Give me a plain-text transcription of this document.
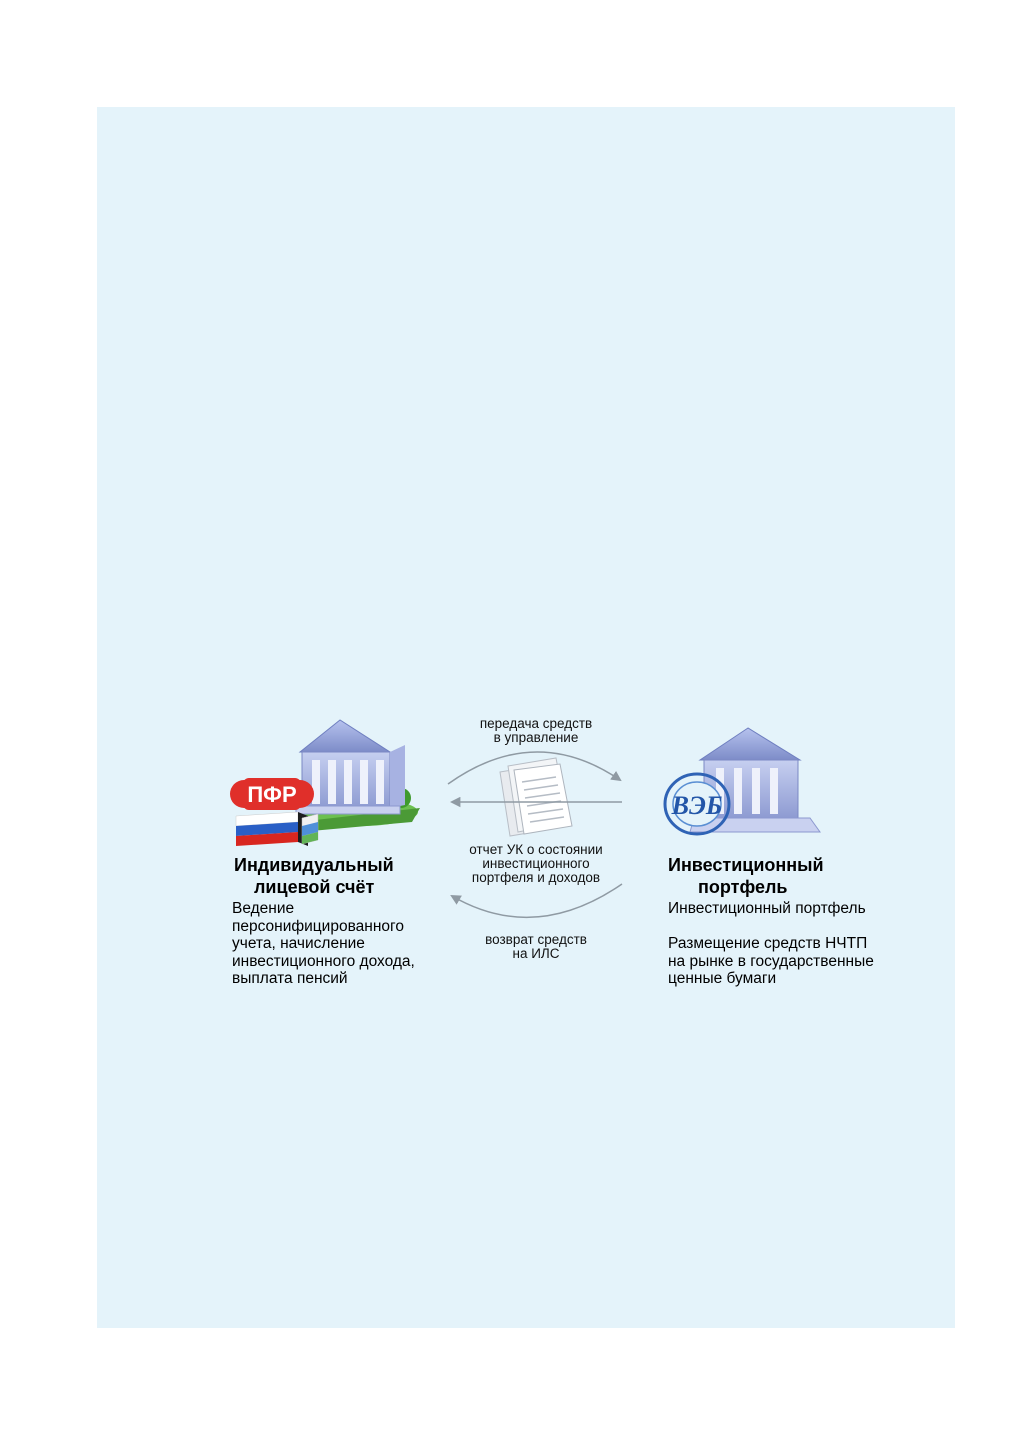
ПФР	ВЭБ
передача средств
в управление
отчет УК о состоянии
инвестиционного
портфеля и доходов
возврат средств
на ИЛС
Индивидуальный
лицевой счёт
Ведение
персонифицированного
учета, начисление
инвестиционного дохода,
выплата пенсий
Инвестиционный
портфель
Инвестиционный портфель
Размещение средств НЧТП
на рынке в государственные
ценные бумаги
